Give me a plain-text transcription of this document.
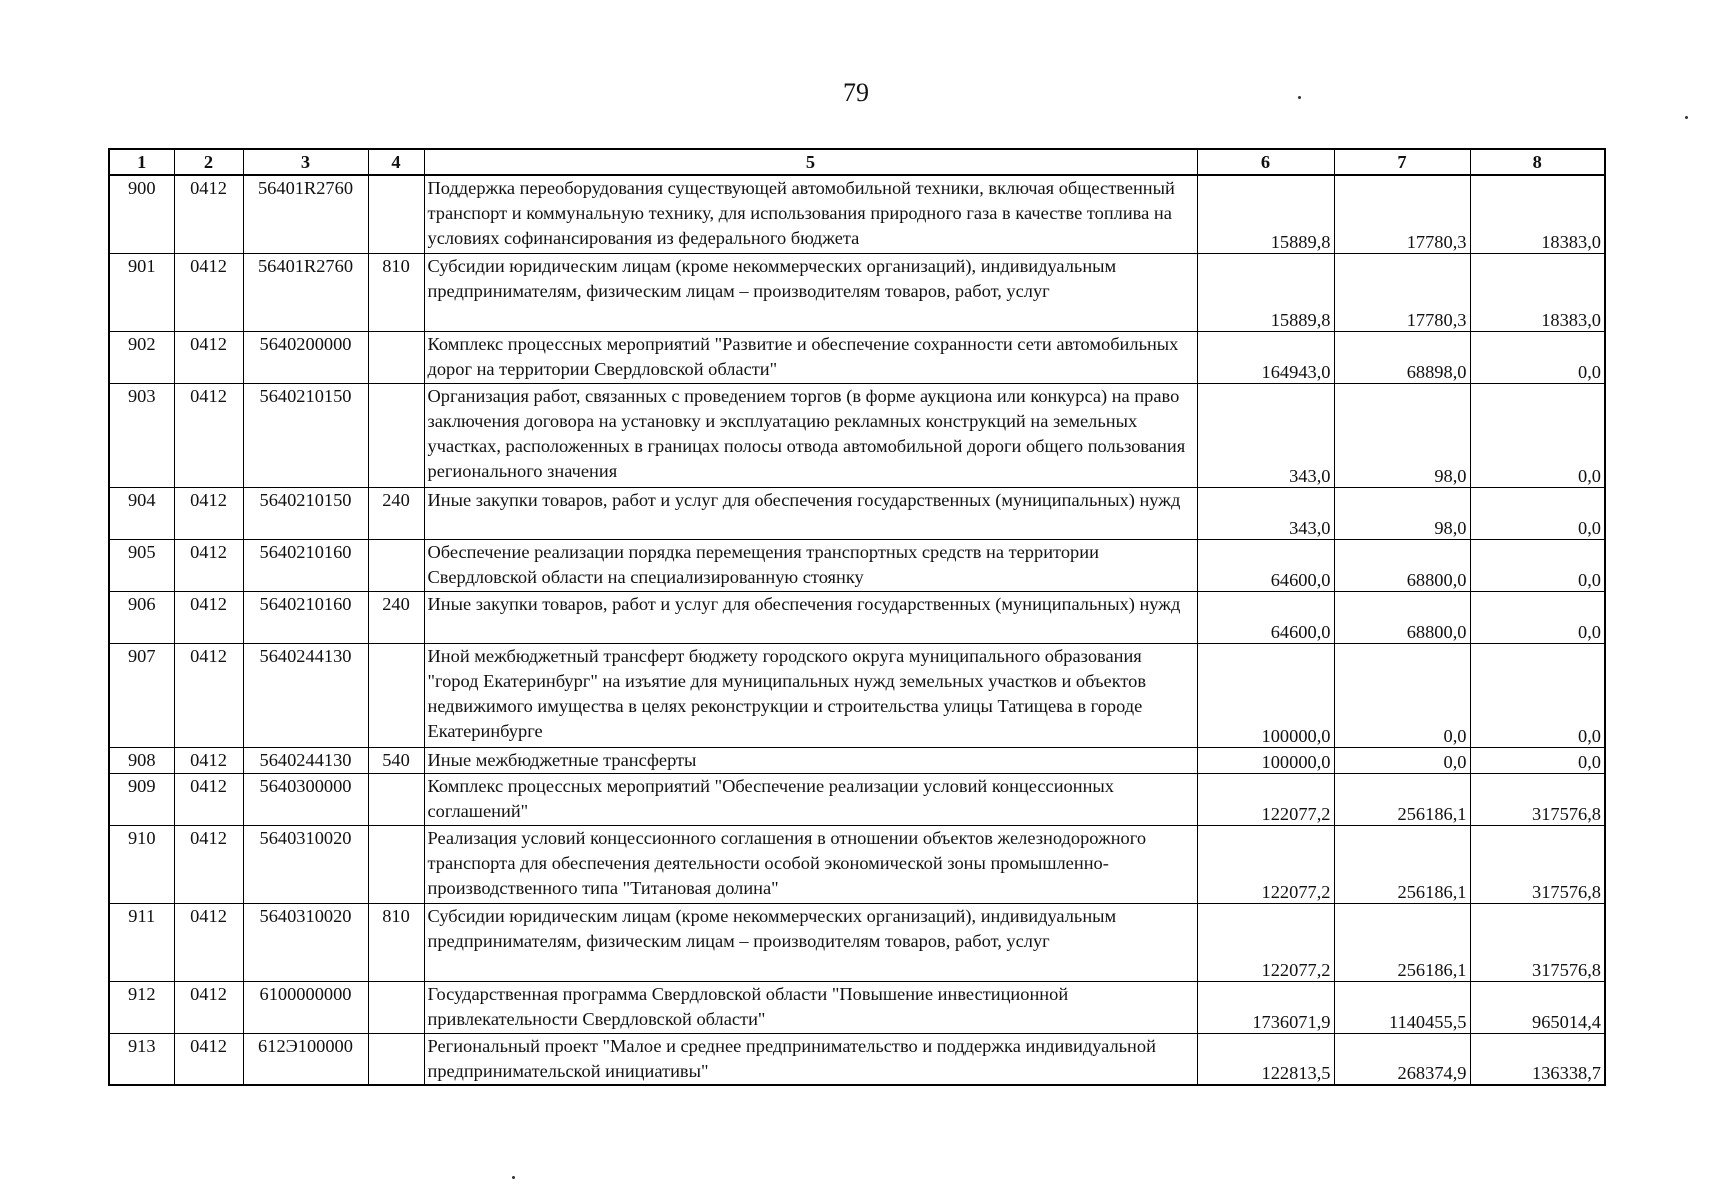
79
1	2	3	4	5	6	7	8
900	0412	56401R2760		Поддержка переоборудования существующей автомобильной техники, включая общественный транспорт и коммунальную технику, для использования природного газа в качестве топлива на условиях софинансирования из федерального бюджета	15889,8	17780,3	18383,0
901	0412	56401R2760	810	Субсидии юридическим лицам (кроме некоммерческих организаций), индивидуальным предпринимателям, физическим лицам – производителям товаров, работ, услуг	15889,8	17780,3	18383,0
902	0412	5640200000		Комплекс процессных мероприятий "Развитие и обеспечение сохранности сети автомобильных дорог на территории Свердловской области"	164943,0	68898,0	0,0
903	0412	5640210150		Организация работ, связанных с проведением торгов (в форме аукциона или конкурса) на право заключения договора на установку и эксплуатацию рекламных конструкций на земельных участках, расположенных в границах полосы отвода автомобильной дороги общего пользования регионального значения	343,0	98,0	0,0
904	0412	5640210150	240	Иные закупки товаров, работ и услуг для обеспечения государственных (муниципальных) нужд	343,0	98,0	0,0
905	0412	5640210160		Обеспечение реализации порядка перемещения транспортных средств на территории Свердловской области на специализированную стоянку	64600,0	68800,0	0,0
906	0412	5640210160	240	Иные закупки товаров, работ и услуг для обеспечения государственных (муниципальных) нужд	64600,0	68800,0	0,0
907	0412	5640244130		Иной межбюджетный трансферт бюджету городского округа муниципального образования "город Екатеринбург" на изъятие для муниципальных нужд земельных участков и объектов недвижимого имущества в целях реконструкции и строительства улицы Татищева в городе Екатеринбурге	100000,0	0,0	0,0
908	0412	5640244130	540	Иные межбюджетные трансферты	100000,0	0,0	0,0
909	0412	5640300000		Комплекс процессных мероприятий "Обеспечение реализации условий концессионных соглашений"	122077,2	256186,1	317576,8
910	0412	5640310020		Реализация условий концессионного соглашения в отношении объектов железнодорожного транспорта для обеспечения деятельности особой экономической зоны промышленно-производственного типа "Титановая долина"	122077,2	256186,1	317576,8
911	0412	5640310020	810	Субсидии юридическим лицам (кроме некоммерческих организаций), индивидуальным предпринимателям, физическим лицам – производителям товаров, работ, услуг	122077,2	256186,1	317576,8
912	0412	6100000000		Государственная программа Свердловской области "Повышение инвестиционной привлекательности Свердловской области"	1736071,9	1140455,5	965014,4
913	0412	612Э100000		Региональный проект "Малое и среднее предпринимательство и поддержка индивидуальной предпринимательской инициативы"	122813,5	268374,9	136338,7
